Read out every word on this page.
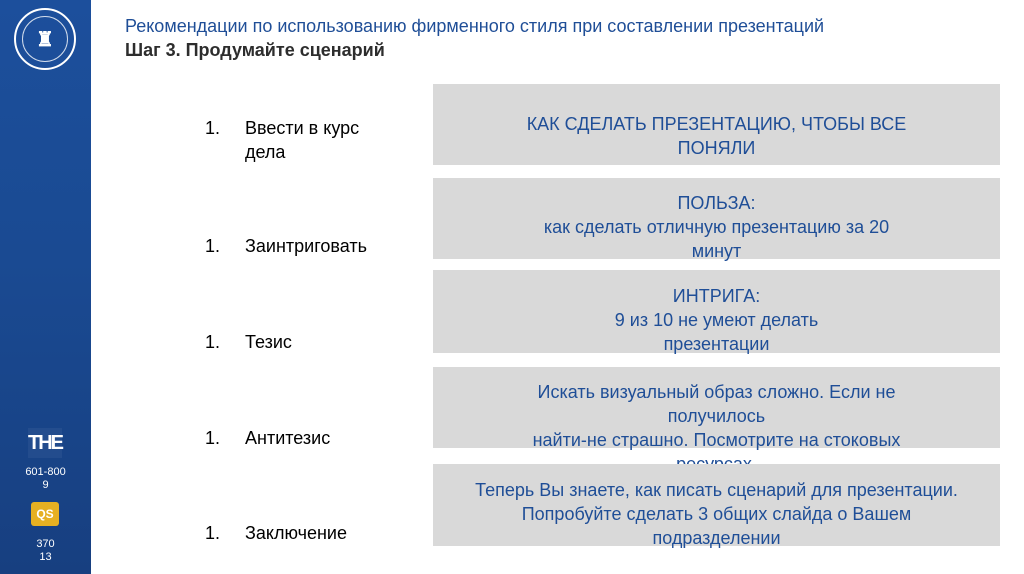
♜
THE
601-800
9
QS
370
13
Рекомендации по использованию фирменного стиля при составлении презентаций
Шаг 3. Продумайте сценарий
1. Ввести в курс дела
1. Заинтриговать
1. Тезис
1. Антитезис
1. Заключение
КАК СДЕЛАТЬ ПРЕЗЕНТАЦИЮ, ЧТОБЫ ВСЕ
ПОНЯЛИ
ПОЛЬЗА:
как сделать отличную презентацию за 20
минут
ИНТРИГА:
9 из 10 не умеют делать
презентации
Искать визуальный образ сложно. Если не
получилось
найти-не страшно. Посмотрите на стоковых
Теперь Вы знаете, как писать сценарий для презентации.
Попробуйте сделать 3 общих слайда о Вашем
подразделении
